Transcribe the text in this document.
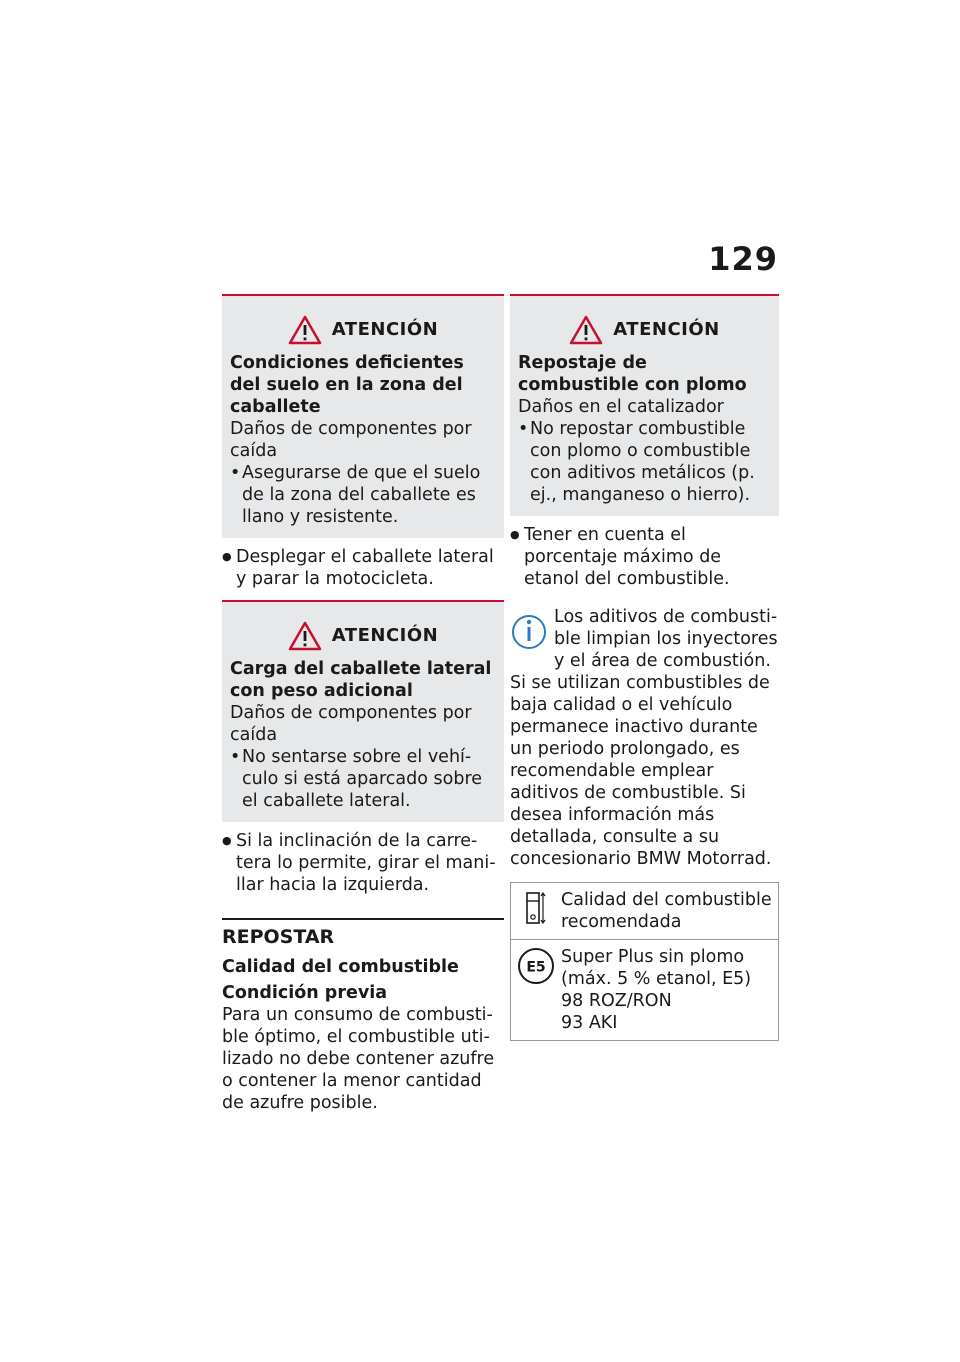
129
ATENCIÓN
Condiciones deficientes del suelo en la zona del caballete
Daños de componentes por caída
• Asegurarse de que el suelo de la zona del caballete es llano y resistente.
● Desplegar el caballete lateral y parar la motocicleta.
ATENCIÓN
Carga del caballete lateral con peso adicional
Daños de componentes por caída
• No sentarse sobre el vehículo si está aparcado sobre el caballete lateral.
● Si la inclinación de la carretera lo permite, girar el manillar hacia la izquierda.
REPOSTAR
Calidad del combustible
Condición previa
Para un consumo de combustible óptimo, el combustible utilizado no debe contener azufre o contener la menor cantidad de azufre posible.
ATENCIÓN
Repostaje de combustible con plomo
Daños en el catalizador
• No repostar combustible con plomo o combustible con aditivos metálicos (p. ej., manganeso o hierro).
● Tener en cuenta el porcentaje máximo de etanol del combustible.
Los aditivos de combustible limpian los inyectores y el área de combustión. Si se utilizan combustibles de baja calidad o el vehículo permanece inactivo durante un periodo prolongado, es recomendable emplear aditivos de combustible. Si desea información más detallada, consulte a su concesionario BMW Motorrad.
	Calidad del combustible recomendada

E5	Super Plus sin plomo
(máx. 5 % etanol, E5)
98 ROZ/RON
93 AKI
